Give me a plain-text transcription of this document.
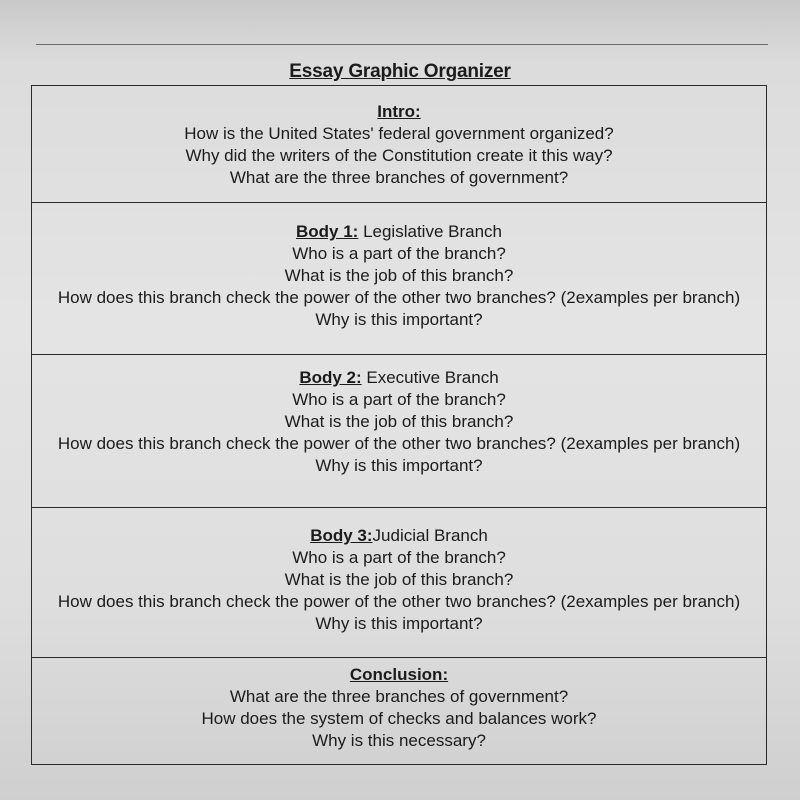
Essay Graphic Organizer
Intro:
How is the United States' federal government organized?
Why did the writers of the Constitution create it this way?
What are the three branches of government?
Body 1: Legislative Branch
Who is a part of the branch?
What is the job of this branch?
How does this branch check the power of the other two branches? (2examples per branch)
Why is this important?
Body 2: Executive Branch
Who is a part of the branch?
What is the job of this branch?
How does this branch check the power of the other two branches? (2examples per branch)
Why is this important?
Body 3:Judicial Branch
Who is a part of the branch?
What is the job of this branch?
How does this branch check the power of the other two branches? (2examples per branch)
Why is this important?
Conclusion:
What are the three branches of government?
How does the system of checks and balances work?
Why is this necessary?
